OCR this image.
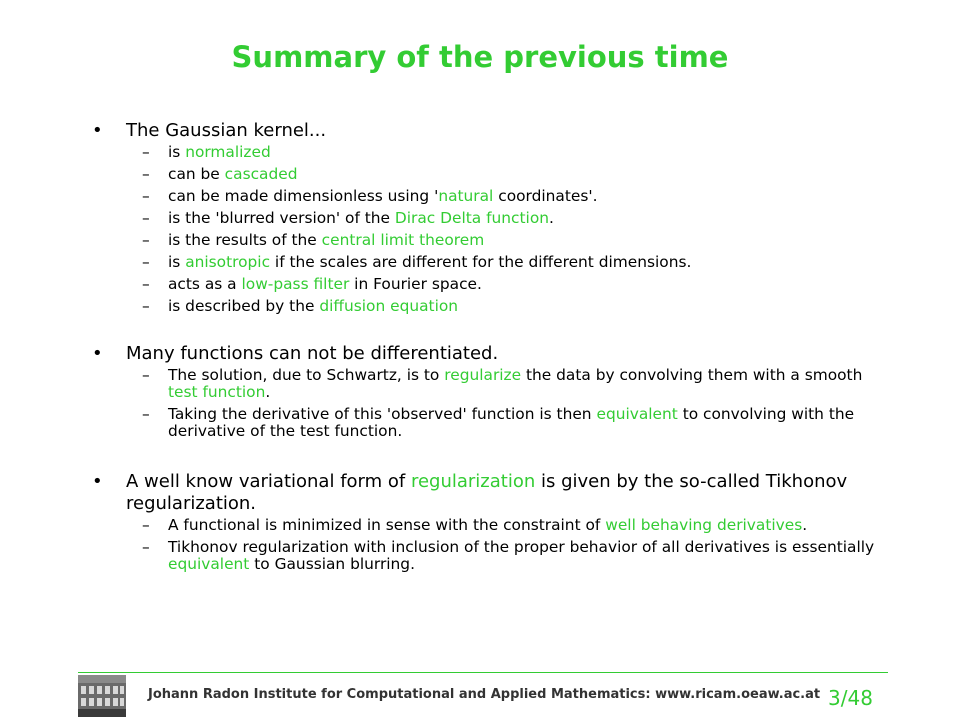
Summary of the previous time
• The Gaussian kernel...
– is normalized
– can be cascaded
– can be made dimensionless using 'natural coordinates'.
– is the 'blurred version' of the Dirac Delta function.
– is the results of the central limit theorem
– is anisotropic if the scales are different for the different dimensions.
– acts as a low-pass filter in Fourier space.
– is described by the diffusion equation
• Many functions can not be differentiated.
– The solution, due to Schwartz, is to regularize the data by convolving them with a smooth test function.
– Taking the derivative of this 'observed' function is then equivalent to convolving with the derivative of the test function.
• A well know variational form of regularization is given by the so-called Tikhonov regularization.
– A functional is minimized in sense with the constraint of well behaving derivatives.
– Tikhonov regularization with inclusion of the proper behavior of all derivatives is essentially equivalent to Gaussian blurring.
Johann Radon Institute for Computational and Applied Mathematics: www.ricam.oeaw.ac.at 3/48
